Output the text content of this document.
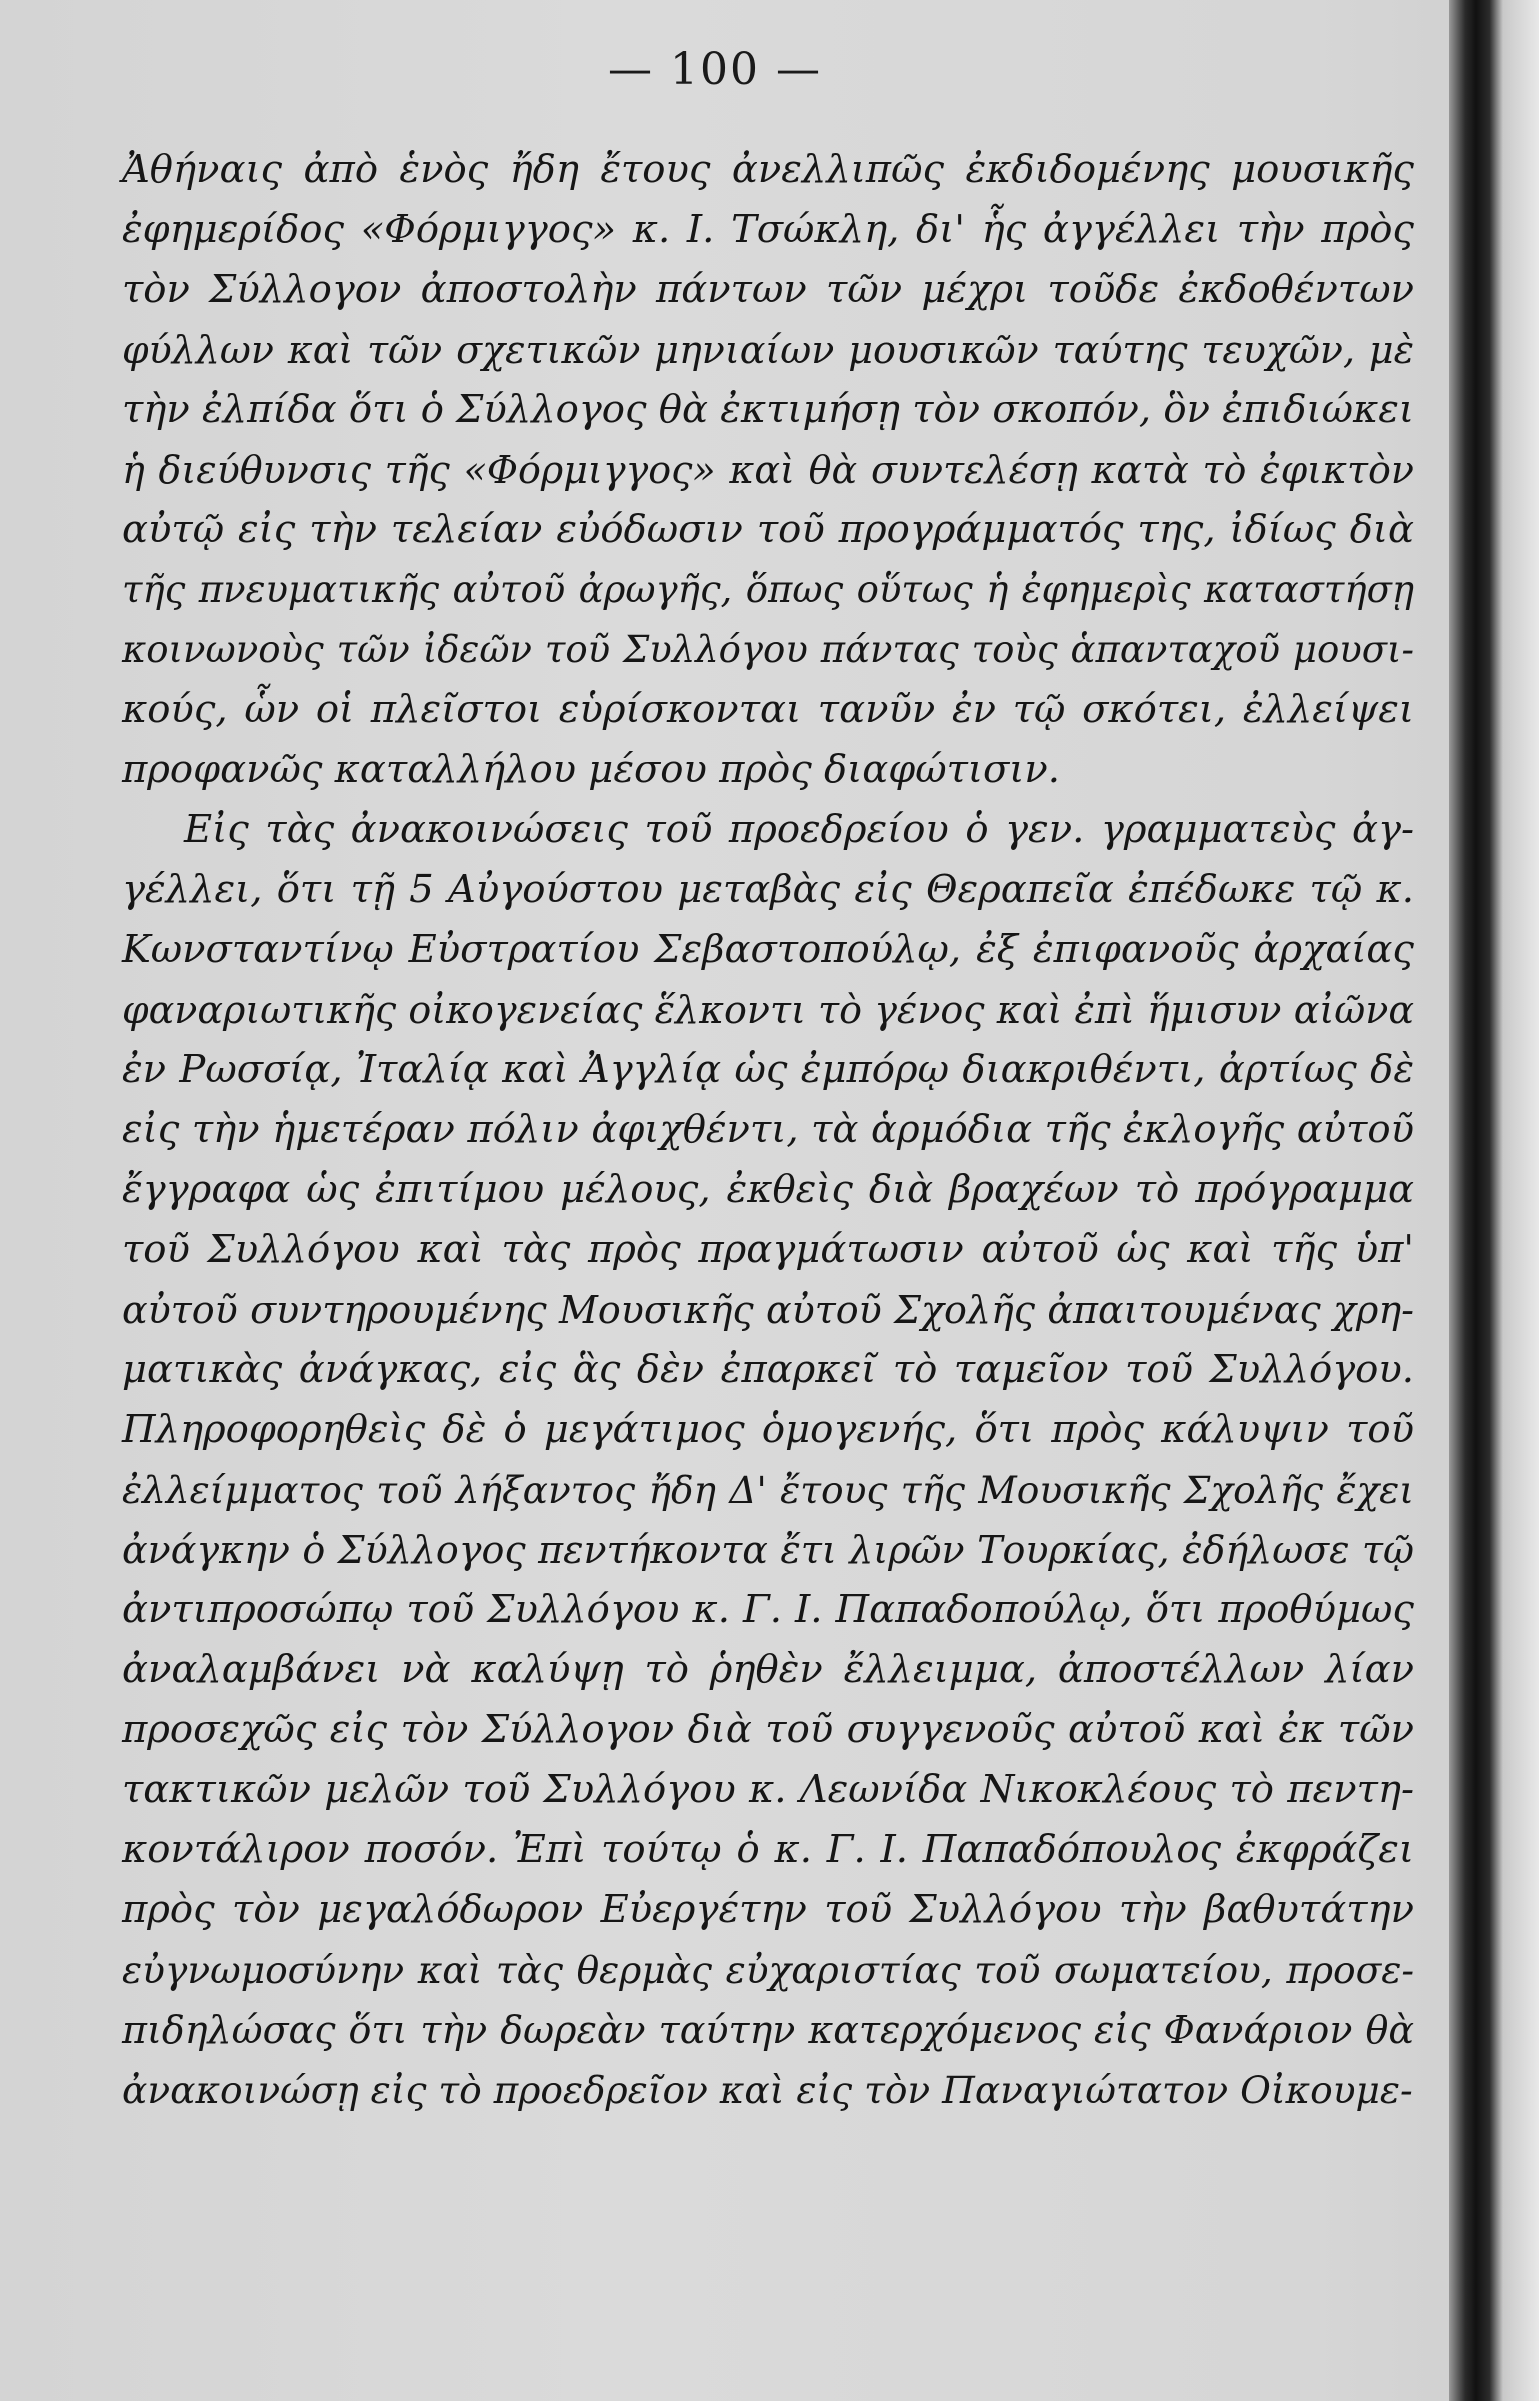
— 100 —
Ἀθήναις ἀπὸ ἑνὸς ἤδη ἔτους ἀνελλιπῶς ἐκδιδομένης μουσικῆς
ἐφημερίδος «Φόρμιγγος» κ. Ι. Τσώκλη, δι' ἧς ἀγγέλλει τὴν πρὸς
τὸν Σύλλογον ἀποστολὴν πάντων τῶν μέχρι τοῦδε ἐκδοθέντων
φύλλων καὶ τῶν σχετικῶν μηνιαίων μουσικῶν ταύτης τευχῶν, μὲ
τὴν ἐλπίδα ὅτι ὁ Σύλλογος θὰ ἐκτιμήσῃ τὸν σκοπόν, ὃν ἐπιδιώκει
ἡ διεύθυνσις τῆς «Φόρμιγγος» καὶ θὰ συντελέσῃ κατὰ τὸ ἐφικτὸν
αὐτῷ εἰς τὴν τελείαν εὐόδωσιν τοῦ προγράμματός της, ἰδίως διὰ
τῆς πνευματικῆς αὐτοῦ ἀρωγῆς, ὅπως οὕτως ἡ ἐφημερὶς καταστήσῃ
κοινωνοὺς τῶν ἰδεῶν τοῦ Συλλόγου πάντας τοὺς ἁπανταχοῦ μουσι-
κούς, ὧν οἱ πλεῖστοι εὑρίσκονται τανῦν ἐν τῷ σκότει, ἐλλείψει
προφανῶς καταλλήλου μέσου πρὸς διαφώτισιν.
Εἰς τὰς ἀνακοινώσεις τοῦ προεδρείου ὁ γεν. γραμματεὺς ἀγ-
γέλλει, ὅτι τῇ 5 Αὐγούστου μεταβὰς εἰς Θεραπεῖα ἐπέδωκε τῷ κ.
Κωνσταντίνῳ Εὐστρατίου Σεβαστοπούλῳ, ἐξ ἐπιφανοῦς ἀρχαίας
φαναριωτικῆς οἰκογενείας ἕλκοντι τὸ γένος καὶ ἐπὶ ἥμισυν αἰῶνα
ἐν Ρωσσίᾳ, Ἰταλίᾳ καὶ Ἀγγλίᾳ ὡς ἐμπόρῳ διακριθέντι, ἀρτίως δὲ
εἰς τὴν ἡμετέραν πόλιν ἀφιχθέντι, τὰ ἁρμόδια τῆς ἐκλογῆς αὐτοῦ
ἔγγραφα ὡς ἐπιτίμου μέλους, ἐκθεὶς διὰ βραχέων τὸ πρόγραμμα
τοῦ Συλλόγου καὶ τὰς πρὸς πραγμάτωσιν αὐτοῦ ὡς καὶ τῆς ὑπ'
αὐτοῦ συντηρουμένης Μουσικῆς αὐτοῦ Σχολῆς ἀπαιτουμένας χρη-
ματικὰς ἀνάγκας, εἰς ἃς δὲν ἐπαρκεῖ τὸ ταμεῖον τοῦ Συλλόγου.
Πληροφορηθεὶς δὲ ὁ μεγάτιμος ὁμογενής, ὅτι πρὸς κάλυψιν τοῦ
ἐλλείμματος τοῦ λήξαντος ἤδη Δ' ἔτους τῆς Μουσικῆς Σχολῆς ἔχει
ἀνάγκην ὁ Σύλλογος πεντήκοντα ἔτι λιρῶν Τουρκίας, ἐδήλωσε τῷ
ἀντιπροσώπῳ τοῦ Συλλόγου κ. Γ. Ι. Παπαδοπούλῳ, ὅτι προθύμως
ἀναλαμβάνει νὰ καλύψῃ τὸ ῥηθὲν ἔλλειμμα, ἀποστέλλων λίαν
προσεχῶς εἰς τὸν Σύλλογον διὰ τοῦ συγγενοῦς αὐτοῦ καὶ ἐκ τῶν
τακτικῶν μελῶν τοῦ Συλλόγου κ. Λεωνίδα Νικοκλέους τὸ πεντη-
κοντάλιρον ποσόν. Ἐπὶ τούτῳ ὁ κ. Γ. Ι. Παπαδόπουλος ἐκφράζει
πρὸς τὸν μεγαλόδωρον Εὐεργέτην τοῦ Συλλόγου τὴν βαθυτάτην
εὐγνωμοσύνην καὶ τὰς θερμὰς εὐχαριστίας τοῦ σωματείου, προσε-
πιδηλώσας ὅτι τὴν δωρεὰν ταύτην κατερχόμενος εἰς Φανάριον θὰ
ἀνακοινώσῃ εἰς τὸ προεδρεῖον καὶ εἰς τὸν Παναγιώτατον Οἰκουμε-
